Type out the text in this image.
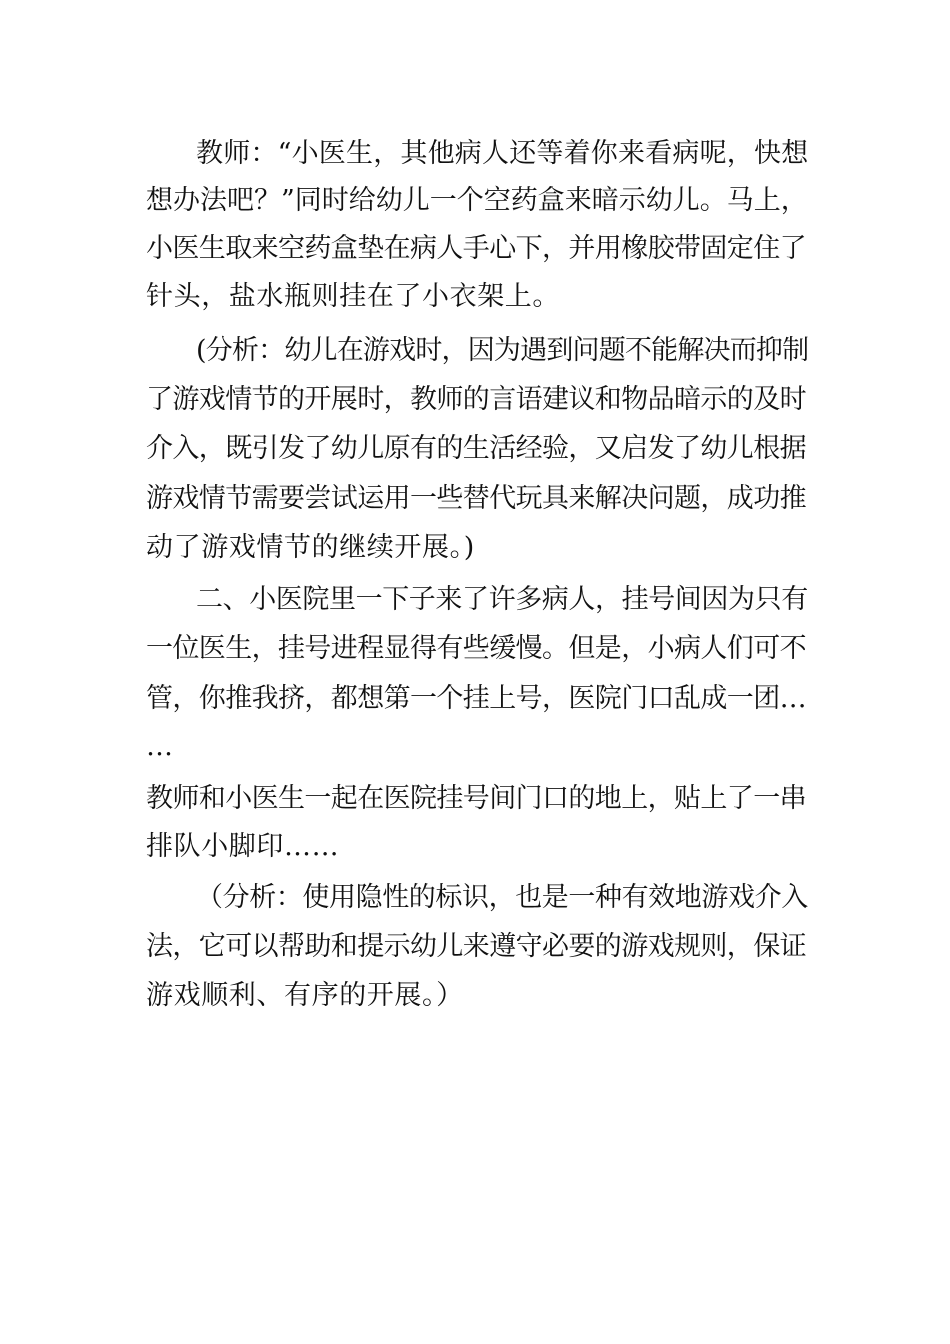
教师：“小医生，其他病人还等着你来看病呢，快想

想办法吧？”同时给幼儿一个空药盒来暗示幼儿。马上，

小医生取来空药盒垫在病人手心下，并用橡胶带固定住了

针头，盐水瓶则挂在了小衣架上。

(分析：幼儿在游戏时，因为遇到问题不能解决而抑制

了游戏情节的开展时，教师的言语建议和物品暗示的及时

介入，既引发了幼儿原有的生活经验，又启发了幼儿根据

游戏情节需要尝试运用一些替代玩具来解决问题，成功推

动了游戏情节的继续开展。)

二、小医院里一下子来了许多病人，挂号间因为只有

一位医生，挂号进程显得有些缓慢。但是，小病人们可不

管，你推我挤，都想第一个挂上号，医院门口乱成一团…

…

教师和小医生一起在医院挂号间门口的地上，贴上了一串

排队小脚印……

（分析：使用隐性的标识，也是一种有效地游戏介入

法，它可以帮助和提示幼儿来遵守必要的游戏规则，保证

游戏顺利、有序的开展。）
